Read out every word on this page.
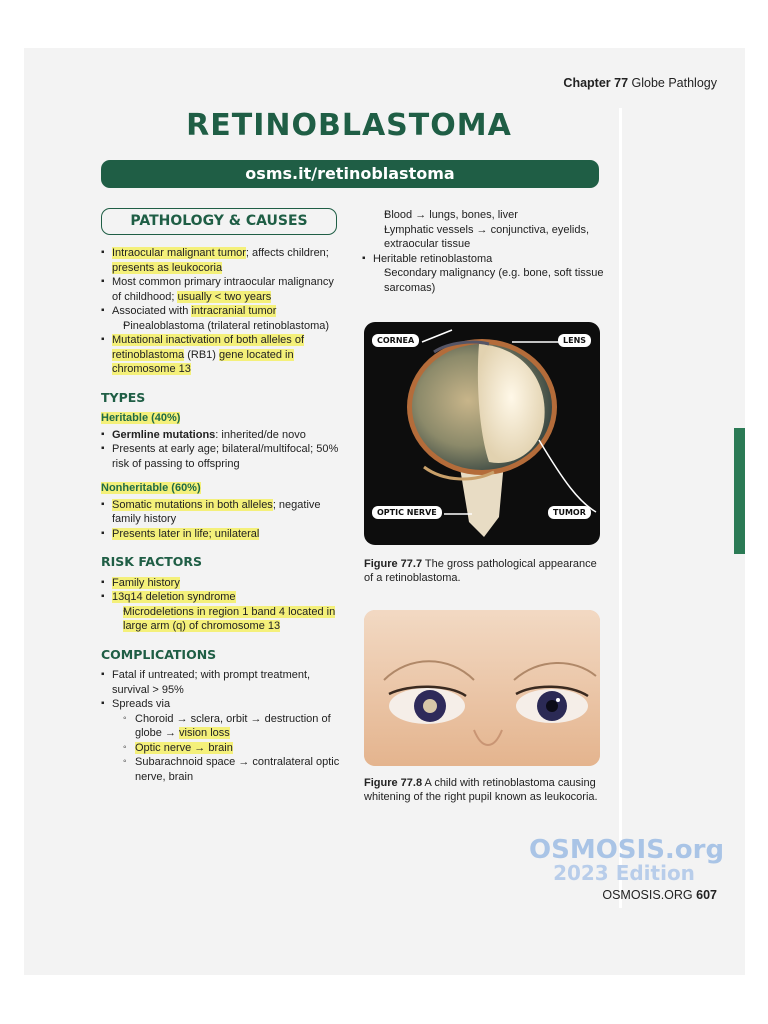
Chapter 77 Globe Pathlogy
RETINOBLASTOMA
osms.it/retinoblastoma
PATHOLOGY & CAUSES
▪ Intraocular malignant tumor; affects children; presents as leukocoria
▪ Most common primary intraocular malignancy of childhood; usually < two years
▪ Associated with intracranial tumor
◦ Pinealoblastoma (trilateral retinoblastoma)
▪ Mutational inactivation of both alleles of retinoblastoma (RB1) gene located in chromosome 13
TYPES
Heritable (40%)
▪ Germline mutations: inherited/de novo
▪ Presents at early age; bilateral/multifocal; 50% risk of passing to offspring
Nonheritable (60%)
▪ Somatic mutations in both alleles; negative family history
▪ Presents later in life; unilateral
RISK FACTORS
▪ Family history
▪ 13q14 deletion syndrome
◦ Microdeletions in region 1 band 4 located in large arm (q) of chromosome 13
COMPLICATIONS
▪ Fatal if untreated; with prompt treatment, survival > 95%
▪ Spreads via
◦ Choroid → sclera, orbit → destruction of globe → vision loss
◦ Optic nerve → brain
◦ Subarachnoid space → contralateral optic nerve, brain
◦ Blood → lungs, bones, liver
◦ Lymphatic vessels → conjunctiva, eyelids, extraocular tissue
▪ Heritable retinoblastoma
◦ Secondary malignancy (e.g. bone, soft tissue sarcomas)
CORNEA	LENS
OPTIC NERVE	TUMOR
Figure 77.7 The gross pathological appearance of a retinoblastoma.
Figure 77.8 A child with retinoblastoma causing whitening of the right pupil known as leukocoria.
OSMOSIS.org
2023 Edition
OSMOSIS.ORG 607
